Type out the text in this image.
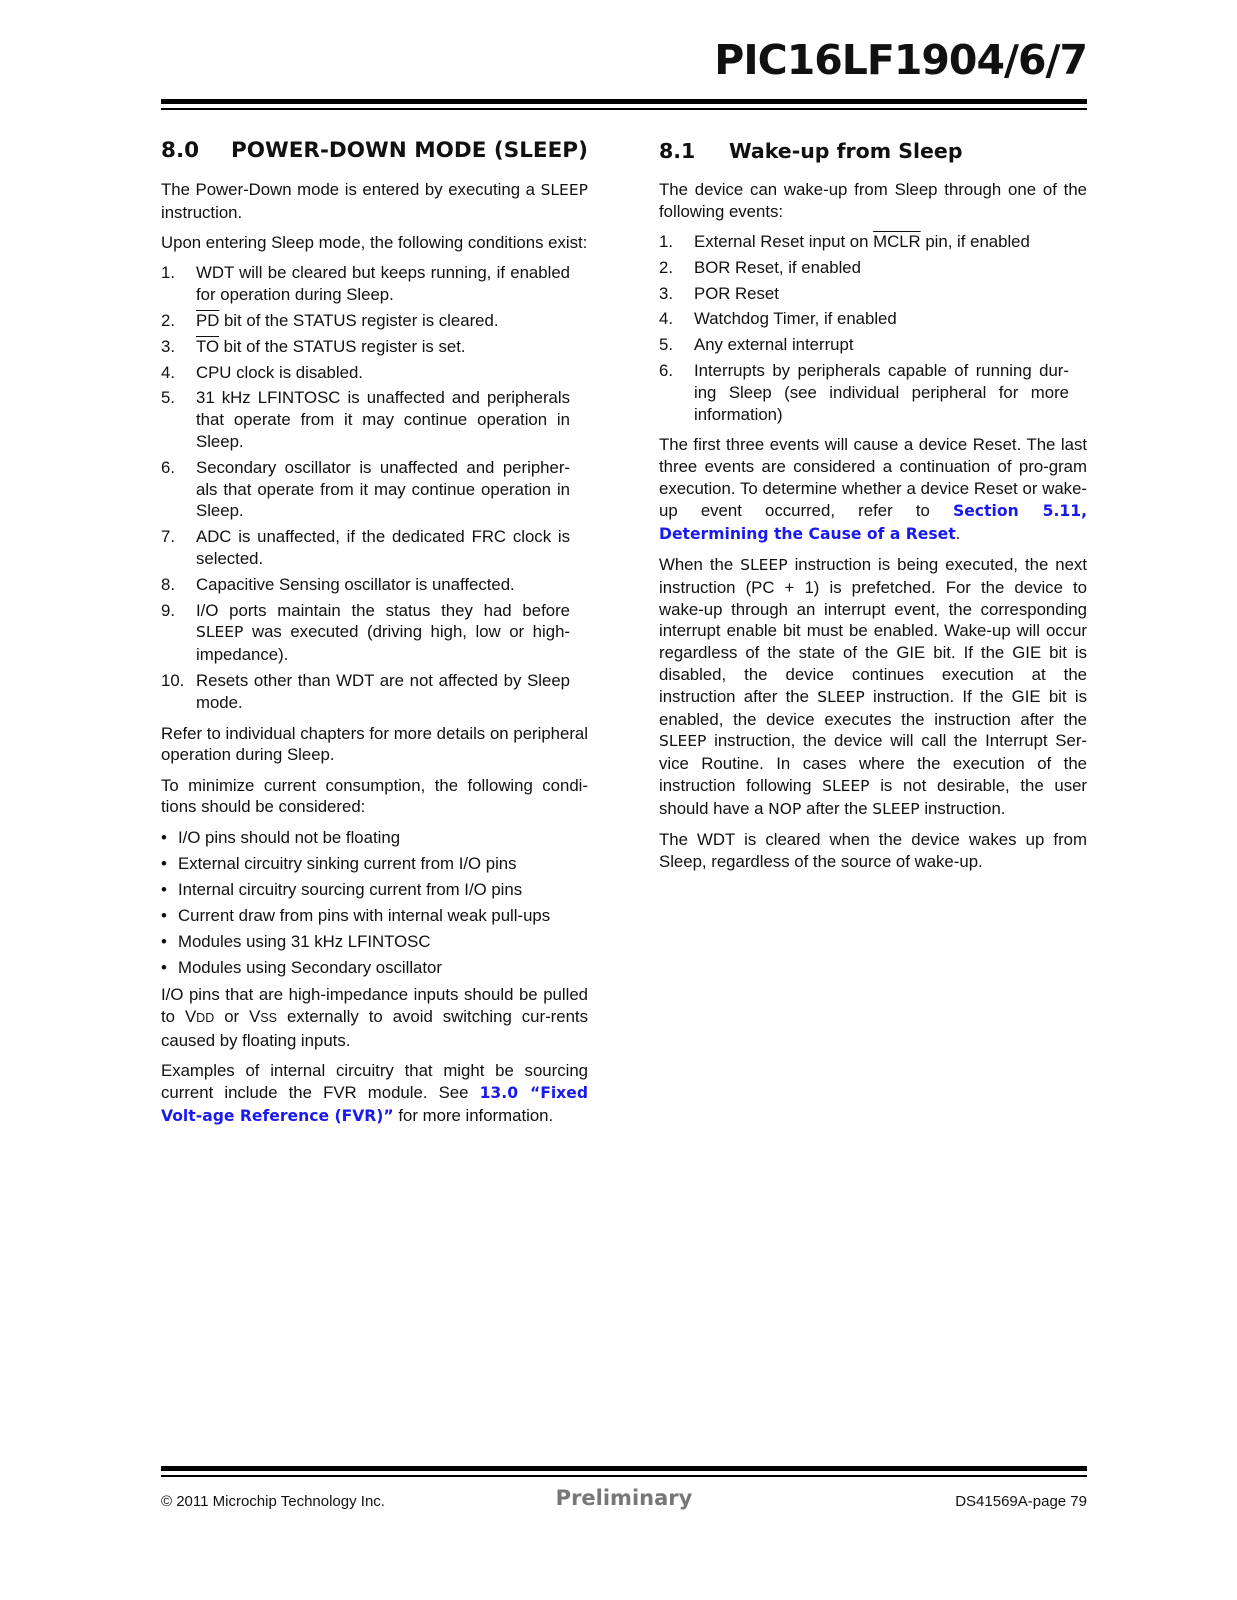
PIC16LF1904/6/7
8.0 POWER-DOWN MODE (SLEEP)

The Power-Down mode is entered by executing a SLEEP instruction.

Upon entering Sleep mode, the following conditions exist:

1. WDT will be cleared but keeps running, if enabled for operation during Sleep.
2. $\overline{PD}$ bit of the STATUS register is cleared.
3. $\overline{TO}$ bit of the STATUS register is set.
4. CPU clock is disabled.
5. 31 kHz LFINTOSC is unaffected and peripherals that operate from it may continue operation in Sleep.
6. Secondary oscillator is unaffected and peripher-als that operate from it may continue operation in Sleep.
7. ADC is unaffected, if the dedicated FRC clock is selected.
8. Capacitive Sensing oscillator is unaffected.
9. I/O ports maintain the status they had before SLEEP was executed (driving high, low or high-impedance).
10. Resets other than WDT are not affected by Sleep mode.

Refer to individual chapters for more details on peripheral operation during Sleep.

To minimize current consumption, the following condi-tions should be considered:

• I/O pins should not be floating
• External circuitry sinking current from I/O pins
• Internal circuitry sourcing current from I/O pins
• Current draw from pins with internal weak pull-ups
• Modules using 31 kHz LFINTOSC
• Modules using Secondary oscillator

I/O pins that are high-impedance inputs should be pulled to VDD or VSS externally to avoid switching cur-rents caused by floating inputs.

Examples of internal circuitry that might be sourcing current include the FVR module. See 13.0 “Fixed Volt-age Reference (FVR)” for more information.

8.1 Wake-up from Sleep

The device can wake-up from Sleep through one of the following events:

1. External Reset input on MCLR pin, if enabled
2. BOR Reset, if enabled
3. POR Reset
4. Watchdog Timer, if enabled
5. Any external interrupt
6. Interrupts by peripherals capable of running dur-ing Sleep (see individual peripheral for more information)

The first three events will cause a device Reset. The last three events are considered a continuation of pro-gram execution. To determine whether a device Reset or wake-up event occurred, refer to Section 5.11, Determining the Cause of a Reset.

When the SLEEP instruction is being executed, the next instruction (PC + 1) is prefetched. For the device to wake-up through an interrupt event, the corresponding interrupt enable bit must be enabled. Wake-up will occur regardless of the state of the GIE bit. If the GIE bit is disabled, the device continues execution at the instruction after the SLEEP instruction. If the GIE bit is enabled, the device executes the instruction after the SLEEP instruction, the device will call the Interrupt Ser-vice Routine. In cases where the execution of the instruction following SLEEP is not desirable, the user should have a NOP after the SLEEP instruction.

The WDT is cleared when the device wakes up from Sleep, regardless of the source of wake-up.

© 2011 Microchip Technology Inc.	Preliminary	DS41569A-page 79
